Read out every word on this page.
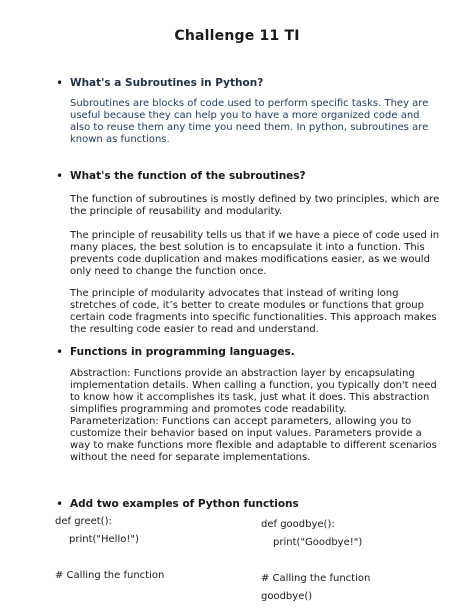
Challenge 11 TI
• What's a Subroutines in Python?

Subroutines are blocks of code used to perform specific tasks. They are useful because they can help you to have a more organized code and also to reuse them any time you need them. In python, subroutines are known as functions.

• What's the function of the subroutines?

The function of subroutines is mostly defined by two principles, which are the principle of reusability and modularity.

The principle of reusability tells us that if we have a piece of code used in many places, the best solution is to encapsulate it into a function. This prevents code duplication and makes modifications easier, as we would only need to change the function once.

The principle of modularity advocates that instead of writing long stretches of code, it’s better to create modules or functions that group certain code fragments into specific functionalities. This approach makes the resulting code easier to read and understand.

• Functions in programming languages.

Abstraction: Functions provide an abstraction layer by encapsulating implementation details. When calling a function, you typically don't need to know how it accomplishes its task, just what it does. This abstraction simplifies programming and promotes code readability.

Parameterization: Functions can accept parameters, allowing you to customize their behavior based on input values. Parameters provide a way to make functions more flexible and adaptable to different scenarios without the need for separate implementations.

• Add two examples of Python functions
def greet():
print("Hello!")
# Calling the function
def goodbye():
print("Goodbye!")
# Calling the function
goodbye()
